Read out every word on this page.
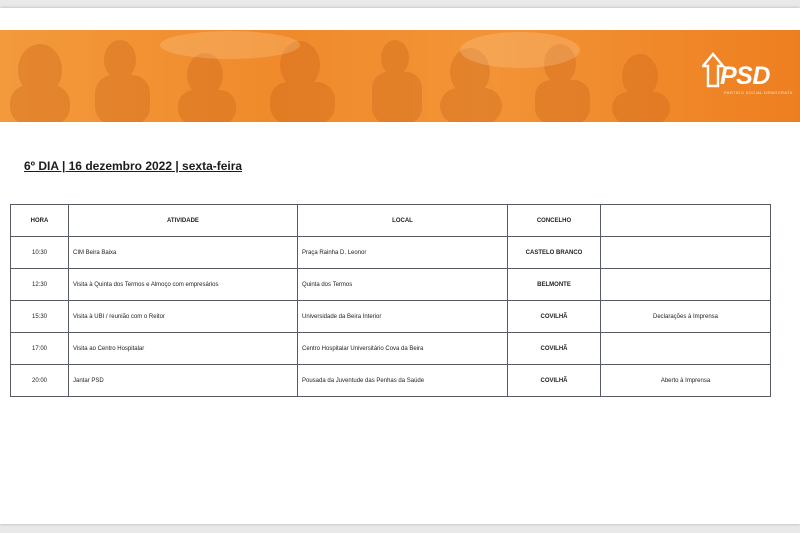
PSD
PARTIDO SOCIAL DEMOCRATA
6º DIA | 16 dezembro 2022 | sexta-feira
HORA	ATIVIDADE	LOCAL	CONCELHO	
10:30	CIM Beira Baixa	Praça Rainha D. Leonor	CASTELO BRANCO	
12:30	Visita à Quinta dos Termos e Almoço com empresários	Quinta dos Termos	BELMONTE	
15:30	Visita à UBI / reunião com o Reitor	Universidade da Beira Interior	COVILHÃ	Declarações à Imprensa
17:00	Visita ao Centro Hospitalar	Centro Hospitalar Universitário Cova da Beira	COVILHÃ	
20:00	Jantar PSD	Pousada da Juventude das Penhas da Saúde	COVILHÃ	Aberto à Imprensa
